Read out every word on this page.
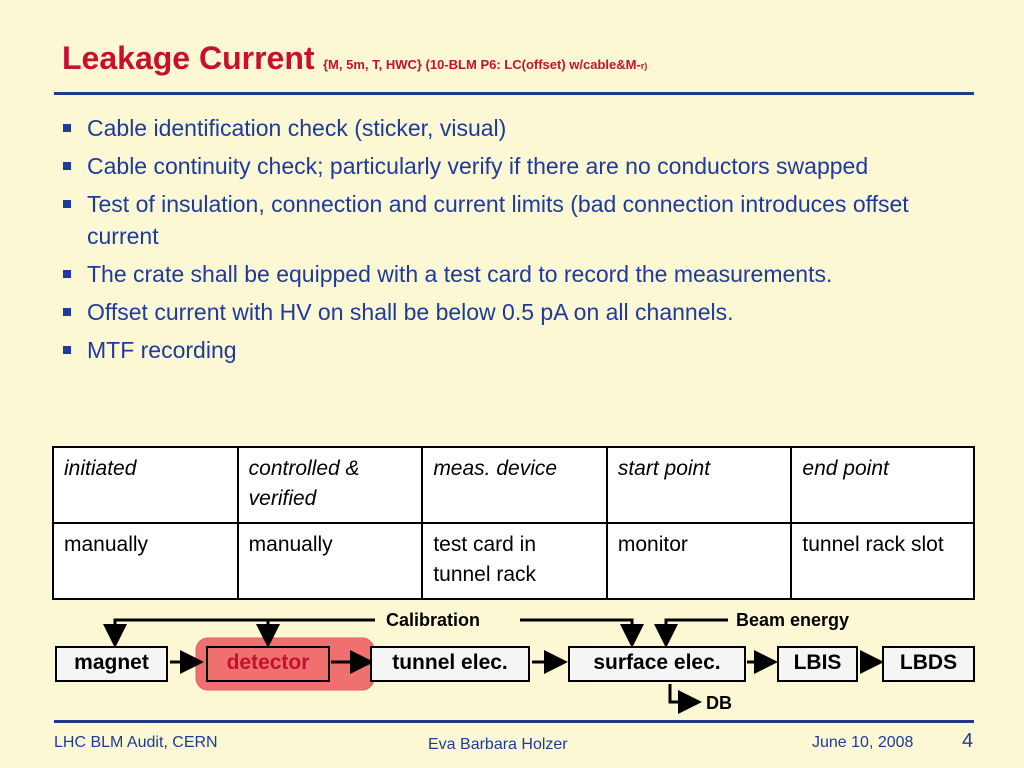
Leakage Current {M, 5m, T, HWC} (10-BLM P6: LC(offset) w/cable&M-r)
Cable identification check (sticker, visual)
Cable continuity check; particularly verify if there are no conductors swapped
Test of insulation, connection and current limits (bad connection introduces offset current
The crate shall be equipped with a test card to record the measurements.
Offset current with HV on shall be below 0.5 pA on all channels.
MTF recording
initiated	controlled & verified	meas. device	start point	end point
manually	manually	test card in tunnel rack	monitor	tunnel rack slot
magnet	detector	tunnel elec.	surface elec.	LBIS	LBDS
Calibration	Beam energy
DB
LHC BLM Audit, CERN	Eva Barbara Holzer	June 10, 2008 4
